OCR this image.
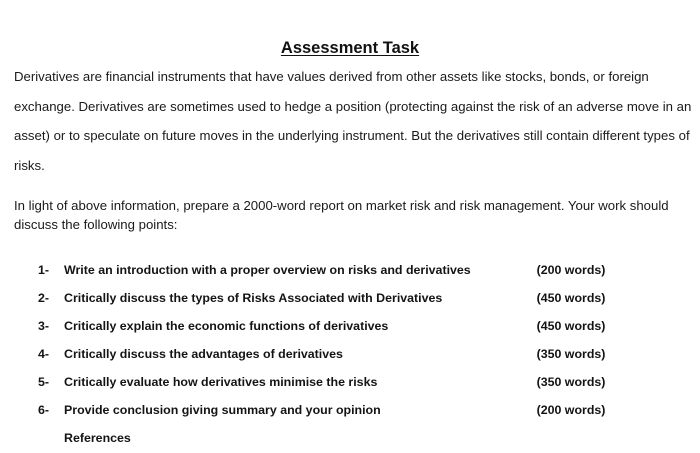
Assessment Task

Derivatives are financial instruments that have values derived from other assets like stocks, bonds, or foreign exchange. Derivatives are sometimes used to hedge a position (protecting against the risk of an adverse move in an asset) or to speculate on future moves in the underlying instrument. But the derivatives still contain different types of risks.

In light of above information, prepare a 2000-word report on market risk and risk management. Your work should discuss the following points:

1- Write an introduction with a proper overview on risks and derivatives	(200 words)
2- Critically discuss the types of Risks Associated with Derivatives	(450 words)
3- Critically explain the economic functions of derivatives	(450 words)
4- Critically discuss the advantages of derivatives	(350 words)
5- Critically evaluate how derivatives minimise the risks	(350 words)
6- Provide conclusion giving summary and your opinion	(200 words)
References
